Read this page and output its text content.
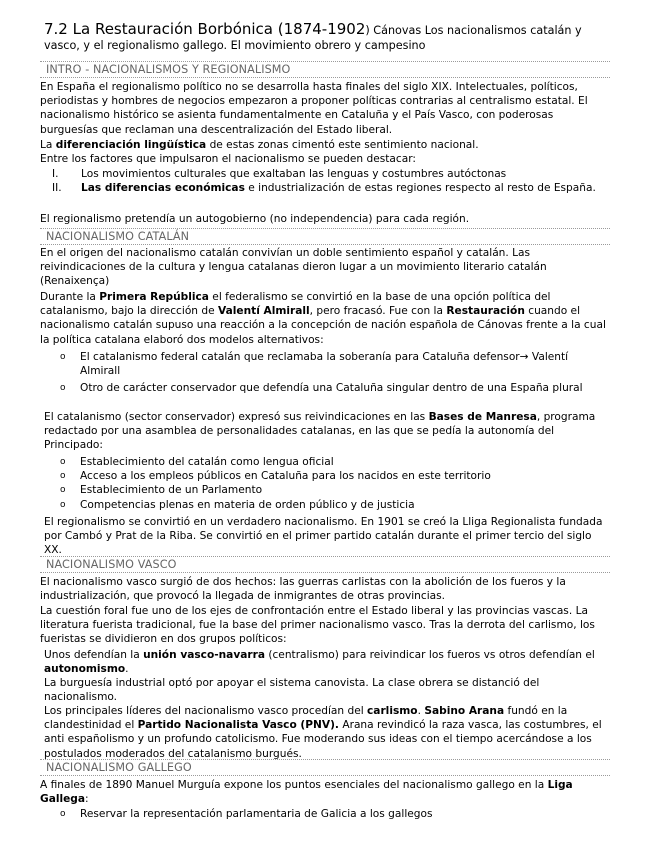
7.2 La Restauración Borbónica (1874-1902) Cánovas Los nacionalismos catalán y vasco, y el regionalismo gallego. El movimiento obrero y campesino
INTRO - NACIONALISMOS Y REGIONALISMO
En España el regionalismo político no se desarrolla hasta finales del siglo XIX. Intelectuales, políticos, periodistas y hombres de negocios empezaron a proponer políticas contrarias al centralismo estatal. El nacionalismo histórico se asienta fundamentalmente en Cataluña y el País Vasco, con poderosas burguesías que reclaman una descentralización del Estado liberal.
La diferenciación lingüística de estas zonas cimentó este sentimiento nacional.
Entre los factores que impulsaron el nacionalismo se pueden destacar:
I. Los movimientos culturales que exaltaban las lenguas y costumbres autóctonas
II. Las diferencias económicas e industrialización de estas regiones respecto al resto de España.
El regionalismo pretendía un autogobierno (no independencia) para cada región.
NACIONALISMO CATALÁN
En el origen del nacionalismo catalán convivían un doble sentimiento español y catalán. Las reivindicaciones de la cultura y lengua catalanas dieron lugar a un movimiento literario catalán (Renaixença)
Durante la Primera República el federalismo se convirtió en la base de una opción política del catalanismo, bajo la dirección de Valentí Almirall, pero fracasó. Fue con la Restauración cuando el nacionalismo catalán supuso una reacción a la concepción de nación española de Cánovas frente a la cual la política catalana elaboró dos modelos alternativos:
o El catalanismo federal catalán que reclamaba la soberanía para Cataluña defensor→ Valentí Almirall
o Otro de carácter conservador que defendía una Cataluña singular dentro de una España plural
El catalanismo (sector conservador) expresó sus reivindicaciones en las Bases de Manresa, programa redactado por una asamblea de personalidades catalanas, en las que se pedía la autonomía del Principado:
o Establecimiento del catalán como lengua oficial
o Acceso a los empleos públicos en Cataluña para los nacidos en este territorio
o Establecimiento de un Parlamento
o Competencias plenas en materia de orden público y de justicia
El regionalismo se convirtió en un verdadero nacionalismo. En 1901 se creó la Lliga Regionalista fundada por Cambó y Prat de la Riba. Se convirtió en el primer partido catalán durante el primer tercio del siglo XX.
NACIONALISMO VASCO
El nacionalismo vasco surgió de dos hechos: las guerras carlistas con la abolición de los fueros y la industrialización, que provocó la llegada de inmigrantes de otras provincias.
La cuestión foral fue uno de los ejes de confrontación entre el Estado liberal y las provincias vascas. La literatura fuerista tradicional, fue la base del primer nacionalismo vasco. Tras la derrota del carlismo, los fueristas se dividieron en dos grupos políticos:
Unos defendían la unión vasco-navarra (centralismo) para reivindicar los fueros vs otros defendían el autonomismo.
La burguesía industrial optó por apoyar el sistema canovista. La clase obrera se distanció del nacionalismo.
Los principales líderes del nacionalismo vasco procedían del carlismo. Sabino Arana fundó en la clandestinidad el Partido Nacionalista Vasco (PNV). Arana revindicó la raza vasca, las costumbres, el anti españolismo y un profundo catolicismo. Fue moderando sus ideas con el tiempo acercándose a los postulados moderados del catalanismo burgués.
NACIONALISMO GALLEGO
A finales de 1890 Manuel Murguía expone los puntos esenciales del nacionalismo gallego en la Liga Gallega:
o Reservar la representación parlamentaria de Galicia a los gallegos
